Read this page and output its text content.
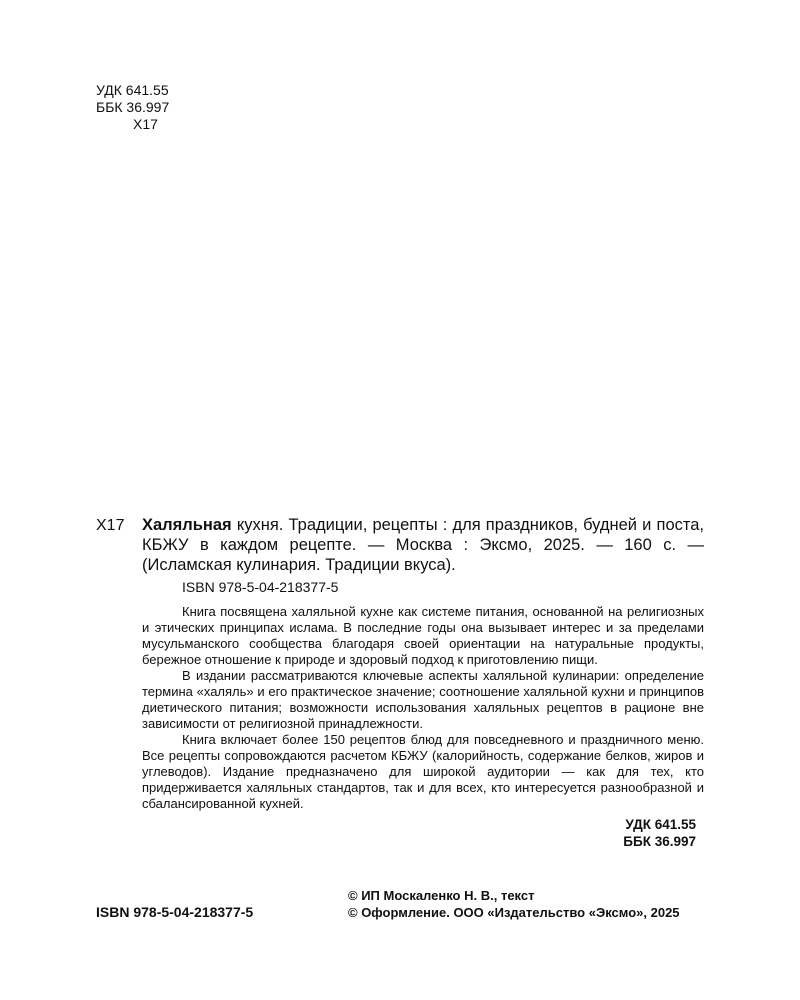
УДК 641.55
ББК 36.997
Х17
Х17 Халяльная кухня. Традиции, рецепты : для праздников, будней и поста, КБЖУ в каждом рецепте. — Москва : Эксмо, 2025. — 160 с. — (Исламская кулинария. Традиции вкуса).
ISBN 978-5-04-218377-5

Книга посвящена халяльной кухне как системе питания, основанной на религиозных и этических принципах ислама. В последние годы она вызывает интерес и за пределами мусульманского сообщества благодаря своей ориентации на натуральные продукты, бережное отношение к природе и здоровый подход к приготовлению пищи.

В издании рассматриваются ключевые аспекты халяльной кулинарии: определение термина «халяль» и его практическое значение; соотношение халяльной кухни и принципов диетического питания; возможности использования халяльных рецептов в рационе вне зависимости от религиозной принадлежности.

Книга включает более 150 рецептов блюд для повседневного и праздничного меню. Все рецепты сопровождаются расчетом КБЖУ (калорийность, содержание белков, жиров и углеводов). Издание предназначено для широкой аудитории — как для тех, кто придерживается халяльных стандартов, так и для всех, кто интересуется разнообразной и сбалансированной кухней.

УДК 641.55
ББК 36.997
ISBN 978-5-04-218377-5
© ИП Москаленко Н. В., текст
© Оформление. ООО «Издательство «Эксмо», 2025
